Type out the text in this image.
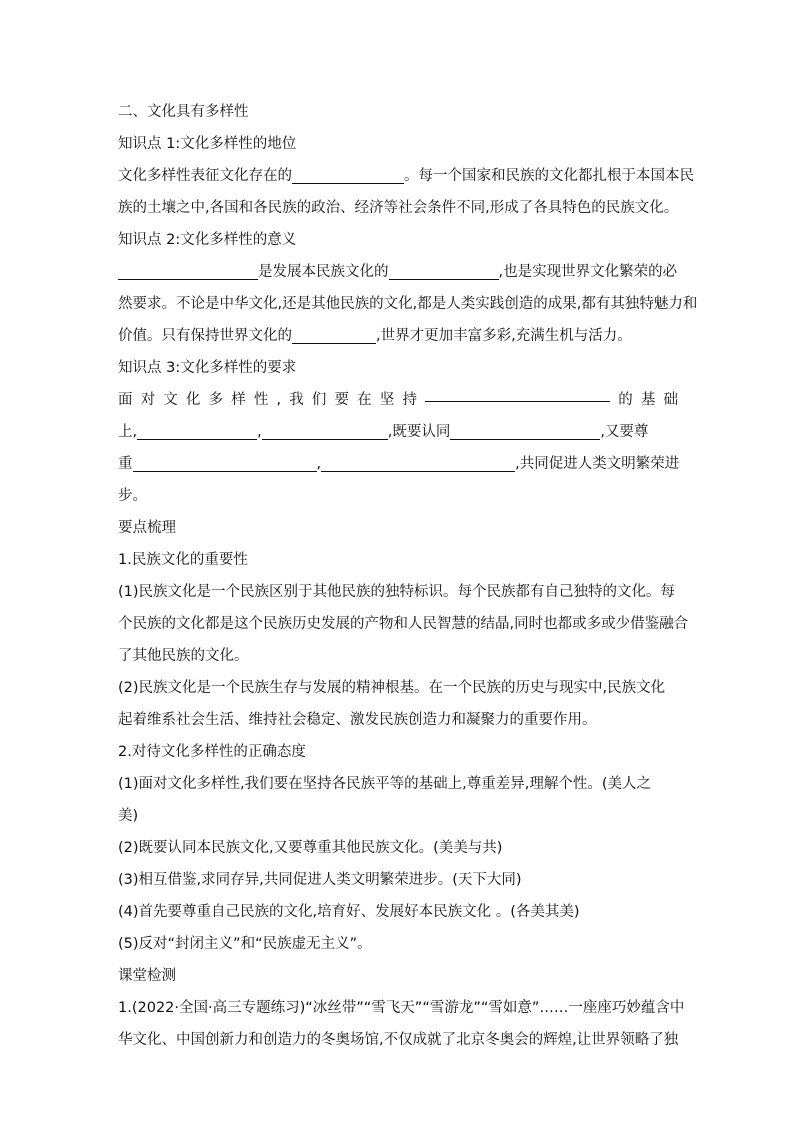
二、文化具有多样性
知识点 1:文化多样性的地位
文化多样性表征文化存在的	。每一个国家和民族的文化都扎根于本国本民
族的土壤之中,各国和各民族的政治、经济等社会条件不同,形成了各具特色的民族文化。
知识点 2:文化多样性的意义
是发展本民族文化的	,也是实现世界文化繁荣的必
然要求。不论是中华文化,还是其他民族的文化,都是人类实践创造的成果,都有其独特魅力和
价值。只有保持世界文化的	,世界才更加丰富多彩,充满生机与活力。
知识点 3:文化多样性的要求
面 对 文 化 多 样 性 , 我 们 要 在 坚 持	的 基 础
上,	,	,既要认同	,又要尊
重	,	,共同促进人类文明繁荣进
步。
要点梳理
1.民族文化的重要性
(1)民族文化是一个民族区别于其他民族的独特标识。每个民族都有自己独特的文化。每
个民族的文化都是这个民族历史发展的产物和人民智慧的结晶,同时也都或多或少借鉴融合
了其他民族的文化。
(2)民族文化是一个民族生存与发展的精神根基。在一个民族的历史与现实中,民族文化
起着维系社会生活、维持社会稳定、激发民族创造力和凝聚力的重要作用。
2.对待文化多样性的正确态度
(1)面对文化多样性,我们要在坚持各民族平等的基础上,尊重差异,理解个性。(美人之
美)
(2)既要认同本民族文化,又要尊重其他民族文化。(美美与共)
(3)相互借鉴,求同存异,共同促进人类文明繁荣进步。(天下大同)
(4)首先要尊重自己民族的文化,培育好、发展好本民族文化 。(各美其美)
(5)反对“封闭主义”和“民族虚无主义”。
课堂检测
1.(2022·全国·高三专题练习)“冰丝带”“雪飞天”“雪游龙”“雪如意”……一座座巧妙蕴含中
华文化、中国创新力和创造力的冬奥场馆,不仅成就了北京冬奥会的辉煌,让世界领略了独
